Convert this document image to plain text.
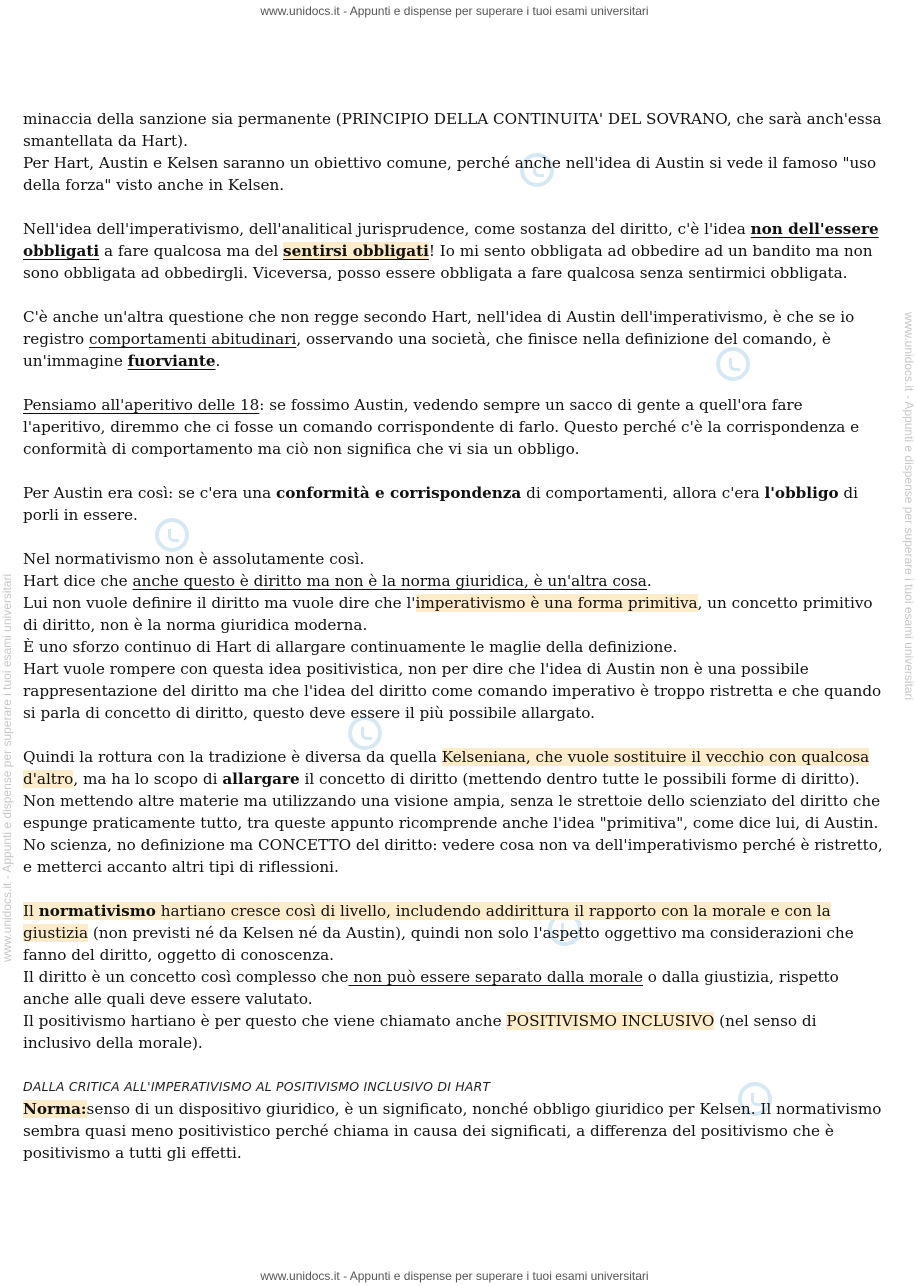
www.unidocs.it - Appunti e dispense per superare i tuoi esami universitari
www.unidocs.it - Appunti e dispense per superare i tuoi esami universitari
www.unidocs.it - Appunti e dispense per superare i tuoi esami universitari

minaccia della sanzione sia permanente (PRINCIPIO DELLA CONTINUITA' DEL SOVRANO, che sarà anch'essa smantellata da Hart).
Per Hart, Austin e Kelsen saranno un obiettivo comune, perché anche nell'idea di Austin si vede il famoso "uso della forza" visto anche in Kelsen.

Nell'idea dell'imperativismo, dell'analitical jurisprudence, come sostanza del diritto, c'è l'idea non dell'essere obbligati a fare qualcosa ma del sentirsi obbligati! Io mi sento obbligata ad obbedire ad un bandito ma non sono obbligata ad obbedirgli. Viceversa, posso essere obbligata a fare qualcosa senza sentirmici obbligata.

C'è anche un'altra questione che non regge secondo Hart, nell'idea di Austin dell'imperativismo, è che se io registro comportamenti abitudinari, osservando una società, che finisce nella definizione del comando, è un'immagine fuorviante.

Pensiamo all'aperitivo delle 18: se fossimo Austin, vedendo sempre un sacco di gente a quell'ora fare l'aperitivo, diremmo che ci fosse un comando corrispondente di farlo. Questo perché c'è la corrispondenza e conformità di comportamento ma ciò non significa che vi sia un obbligo.

Per Austin era così: se c'era una conformità e corrispondenza di comportamenti, allora c'era l'obbligo di porli in essere.

Nel normativismo non è assolutamente così.
Hart dice che anche questo è diritto ma non è la norma giuridica, è un'altra cosa.
Lui non vuole definire il diritto ma vuole dire che l'imperativismo è una forma primitiva, un concetto primitivo di diritto, non è la norma giuridica moderna.
È uno sforzo continuo di Hart di allargare continuamente le maglie della definizione.
Hart vuole rompere con questa idea positivistica, non per dire che l'idea di Austin non è una possibile rappresentazione del diritto ma che l'idea del diritto come comando imperativo è troppo ristretta e che quando si parla di concetto di diritto, questo deve essere il più possibile allargato.

Quindi la rottura con la tradizione è diversa da quella Kelseniana, che vuole sostituire il vecchio con qualcosa d'altro, ma ha lo scopo di allargare il concetto di diritto (mettendo dentro tutte le possibili forme di diritto).
Non mettendo altre materie ma utilizzando una visione ampia, senza le strettoie dello scienziato del diritto che espunge praticamente tutto, tra queste appunto ricomprende anche l'idea "primitiva", come dice lui, di Austin.
No scienza, no definizione ma CONCETTO del diritto: vedere cosa non va dell'imperativismo perché è ristretto, e metterci accanto altri tipi di riflessioni.

Il normativismo hartiano cresce così di livello, includendo addirittura il rapporto con la morale e con la giustizia (non previsti né da Kelsen né da Austin), quindi non solo l'aspetto oggettivo ma considerazioni che fanno del diritto, oggetto di conoscenza.
Il diritto è un concetto così complesso che non può essere separato dalla morale o dalla giustizia, rispetto anche alle quali deve essere valutato.
Il positivismo hartiano è per questo che viene chiamato anche POSITIVISMO INCLUSIVO (nel senso di inclusivo della morale).

DALLA CRITICA ALL'IMPERATIVISMO AL POSITIVISMO INCLUSIVO DI HART

Norma:senso di un dispositivo giuridico, è un significato, nonché obbligo giuridico per Kelsen. Il normativismo sembra quasi meno positivistico perché chiama in causa dei significati, a differenza del positivismo che è positivismo a tutti gli effetti.

www.unidocs.it - Appunti e dispense per superare i tuoi esami universitari
